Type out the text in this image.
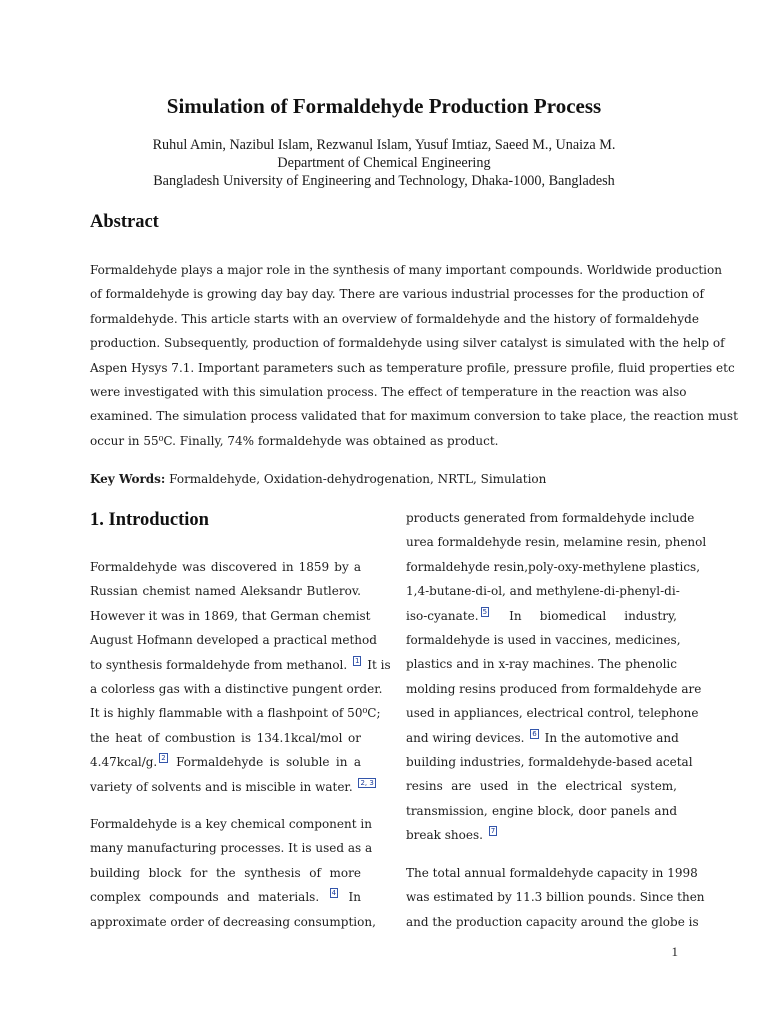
Simulation of Formaldehyde Production Process
Ruhul Amin, Nazibul Islam, Rezwanul Islam, Yusuf Imtiaz, Saeed M., Unaiza M.
Department of Chemical Engineering
Bangladesh University of Engineering and Technology, Dhaka-1000, Bangladesh
Abstract
Formaldehyde plays a major role in the synthesis of many important compounds. Worldwide production
of formaldehyde is growing day bay day. There are various industrial processes for the production of
formaldehyde. This article starts with an overview of formaldehyde and the history of formaldehyde
production. Subsequently, production of formaldehyde using silver catalyst is simulated with the help of
Aspen Hysys 7.1. Important parameters such as temperature profile, pressure profile, fluid properties etc
were investigated with this simulation process. The effect of temperature in the reaction was also
examined. The simulation process validated that for maximum conversion to take place, the reaction must
occur in 55⁰C. Finally, 74% formaldehyde was obtained as product.
Key Words: Formaldehyde, Oxidation-dehydrogenation, NRTL, Simulation
1. Introduction
Formaldehyde was discovered in 1859 by a
Russian chemist named Aleksandr Butlerov.
However it was in 1869, that German chemist
August Hofmann developed a practical method
to synthesis formaldehyde from methanol. 1 It is
a colorless gas with a distinctive pungent order.
It is highly flammable with a flashpoint of 50⁰C;
the heat of combustion is 134.1kcal/mol or
4.47kcal/g. 2 Formaldehyde is soluble in a
variety of solvents and is miscible in water. 2, 3
Formaldehyde is a key chemical component in
many manufacturing processes. It is used as a
building block for the synthesis of more
complex compounds and materials. 4 In
approximate order of decreasing consumption,
products generated from formaldehyde include
urea formaldehyde resin, melamine resin, phenol
formaldehyde resin,poly-oxy-methylene plastics,
1,4-butane-di-ol, and methylene-di-phenyl-di-
iso-cyanate. 5 In biomedical industry,
formaldehyde is used in vaccines, medicines,
plastics and in x-ray machines. The phenolic
molding resins produced from formaldehyde are
used in appliances, electrical control, telephone
and wiring devices. 6 In the automotive and
building industries, formaldehyde-based acetal
resins are used in the electrical system,
transmission, engine block, door panels and
break shoes. 7
The total annual formaldehyde capacity in 1998
was estimated by 11.3 billion pounds. Since then
and the production capacity around the globe is
1
